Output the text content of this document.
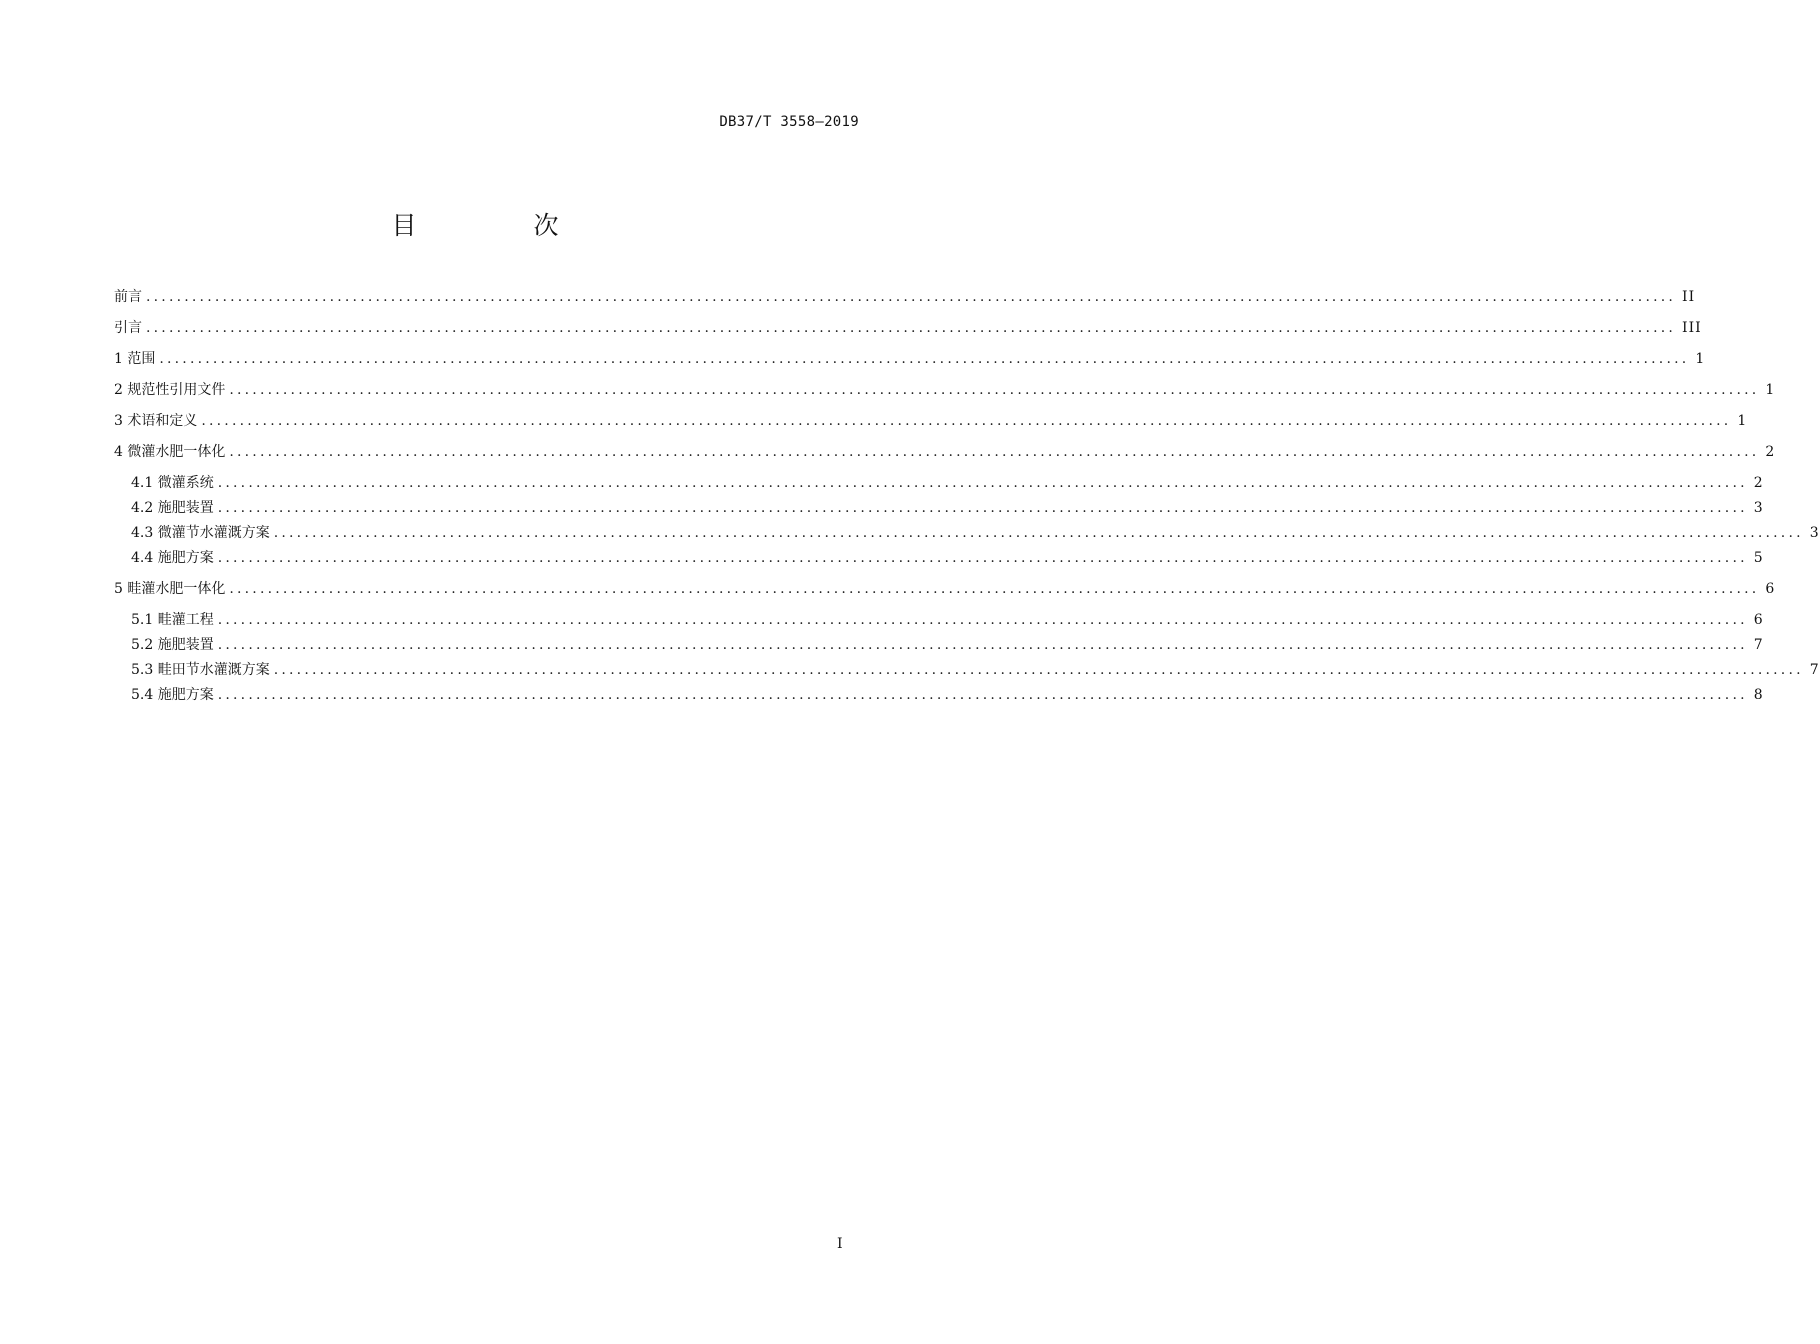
DB37/T 3558—2019
目　次
前言 ........................................................................................................................................................................................................ II
引言 ........................................................................................................................................................................................................ III
1 范围 ........................................................................................................................................................................................................ 1
2 规范性引用文件 ........................................................................................................................................................................................................ 1
3 术语和定义 ........................................................................................................................................................................................................ 1
4 微灌水肥一体化 ........................................................................................................................................................................................................ 2
4.1 微灌系统 ........................................................................................................................................................................................................ 2
4.2 施肥装置 ........................................................................................................................................................................................................ 3
4.3 微灌节水灌溉方案 ........................................................................................................................................................................................................ 3
4.4 施肥方案 ........................................................................................................................................................................................................ 5
5 畦灌水肥一体化 ........................................................................................................................................................................................................ 6
5.1 畦灌工程 ........................................................................................................................................................................................................ 6
5.2 施肥装置 ........................................................................................................................................................................................................ 7
5.3 畦田节水灌溉方案 ........................................................................................................................................................................................................ 7
5.4 施肥方案 ........................................................................................................................................................................................................ 8
I
